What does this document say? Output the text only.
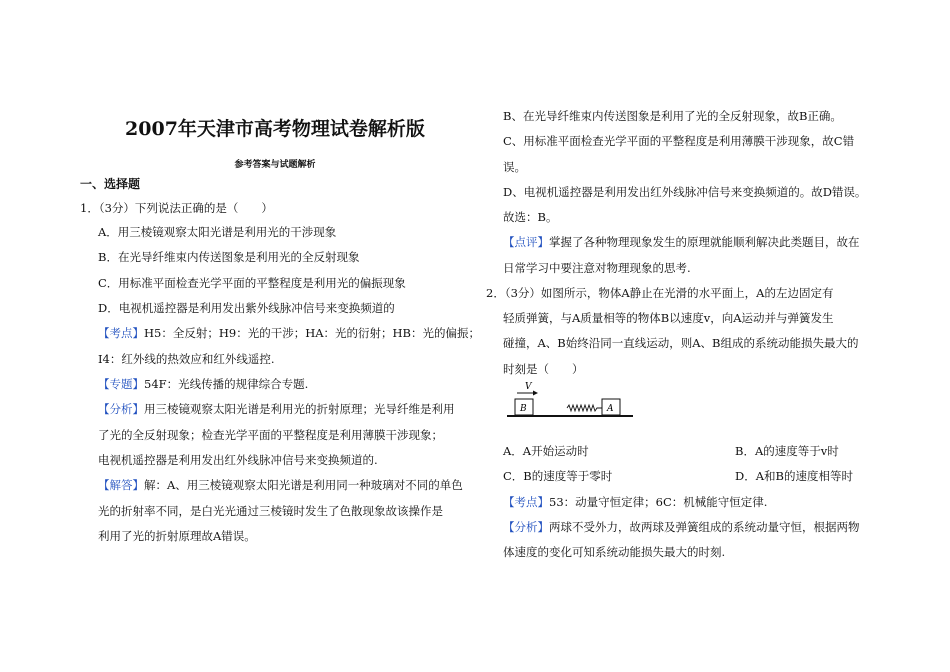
2007年天津市高考物理试卷解析版
参考答案与试题解析
一、选择题
1．（3分）下列说法正确的是（　　）
A．用三棱镜观察太阳光谱是利用光的干涉现象
B．在光导纤维束内传送图象是利用光的全反射现象
C．用标准平面检查光学平面的平整程度是利用光的偏振现象
D．电视机遥控器是利用发出紫外线脉冲信号来变换频道的
【考点】H5：全反射；H9：光的干涉；HA：光的衍射；HB：光的偏振；
I4：红外线的热效应和红外线遥控.
【专题】54F：光线传播的规律综合专题.
【分析】用三棱镜观察太阳光谱是利用光的折射原理；光导纤维是利用
了光的全反射现象；检查光学平面的平整程度是利用薄膜干涉现象；
电视机遥控器是利用发出红外线脉冲信号来变换频道的.
【解答】解：A、用三棱镜观察太阳光谱是利用同一种玻璃对不同的单色
光的折射率不同，是白光光通过三棱镜时发生了色散现象故该操作是
利用了光的折射原理故A错误。
B、在光导纤维束内传送图象是利用了光的全反射现象，故B正确。
C、用标准平面检查光学平面的平整程度是利用薄膜干涉现象，故C错
误。
D、电视机遥控器是利用发出红外线脉冲信号来变换频道的。故D错误。
故选：B。
【点评】掌握了各种物理现象发生的原理就能顺利解决此类题目，故在
日常学习中要注意对物理现象的思考.
2．（3分）如图所示，物体A静止在光滑的水平面上，A的左边固定有
轻质弹簧，与A质量相等的物体B以速度v，向A运动并与弹簧发生
碰撞，A、B始终沿同一直线运动，则A、B组成的系统动能损失最大的
时刻是（　　）
V
B	A
A．A开始运动时	B．A的速度等于v时
C．B的速度等于零时	D．A和B的速度相等时
【考点】53：动量守恒定律；6C：机械能守恒定律.
【分析】两球不受外力，故两球及弹簧组成的系统动量守恒，根据两物
体速度的变化可知系统动能损失最大的时刻.
